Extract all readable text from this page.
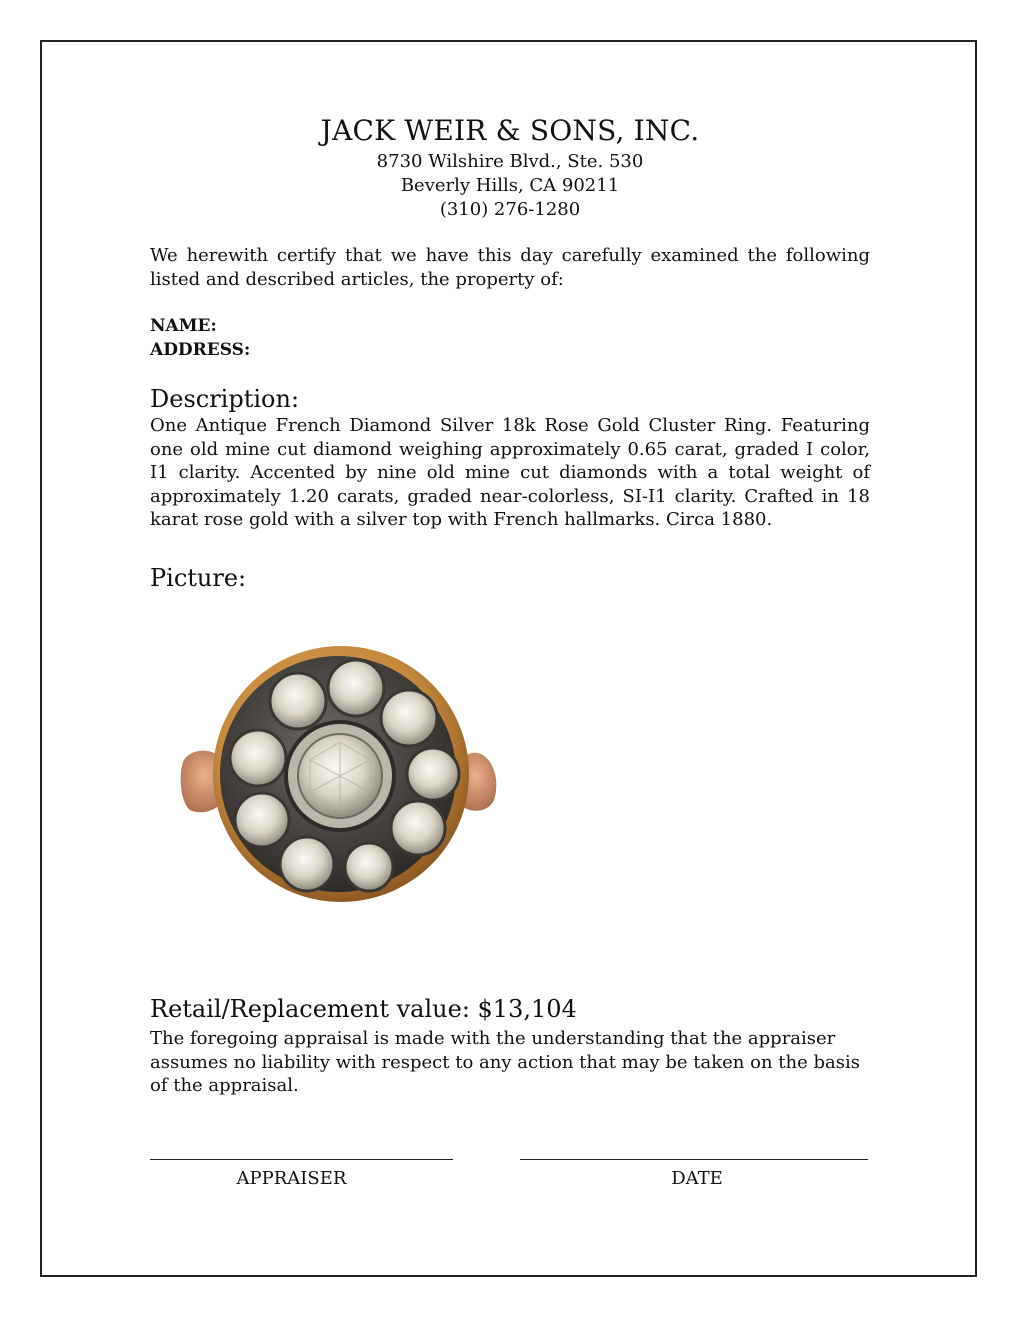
JACK WEIR & SONS, INC.
8730 Wilshire Blvd., Ste. 530
Beverly Hills, CA 90211
(310) 276-1280

We herewith certify that we have this day carefully examined the following listed and described articles, the property of:

NAME:
ADDRESS:
Description:

One Antique French Diamond Silver 18k Rose Gold Cluster Ring. Featuring one old mine cut diamond weighing approximately 0.65 carat, graded I color, I1 clarity. Accented by nine old mine cut diamonds with a total weight of approximately 1.20 carats, graded near-colorless, SI-I1 clarity. Crafted in 18 karat rose gold with a silver top with French hallmarks. Circa 1880.

Picture:
Retail/Replacement value: $13,104

The foregoing appraisal is made with the understanding that the appraiser assumes no liability with respect to any action that may be taken on the basis of the appraisal.

APPRAISER	DATE
